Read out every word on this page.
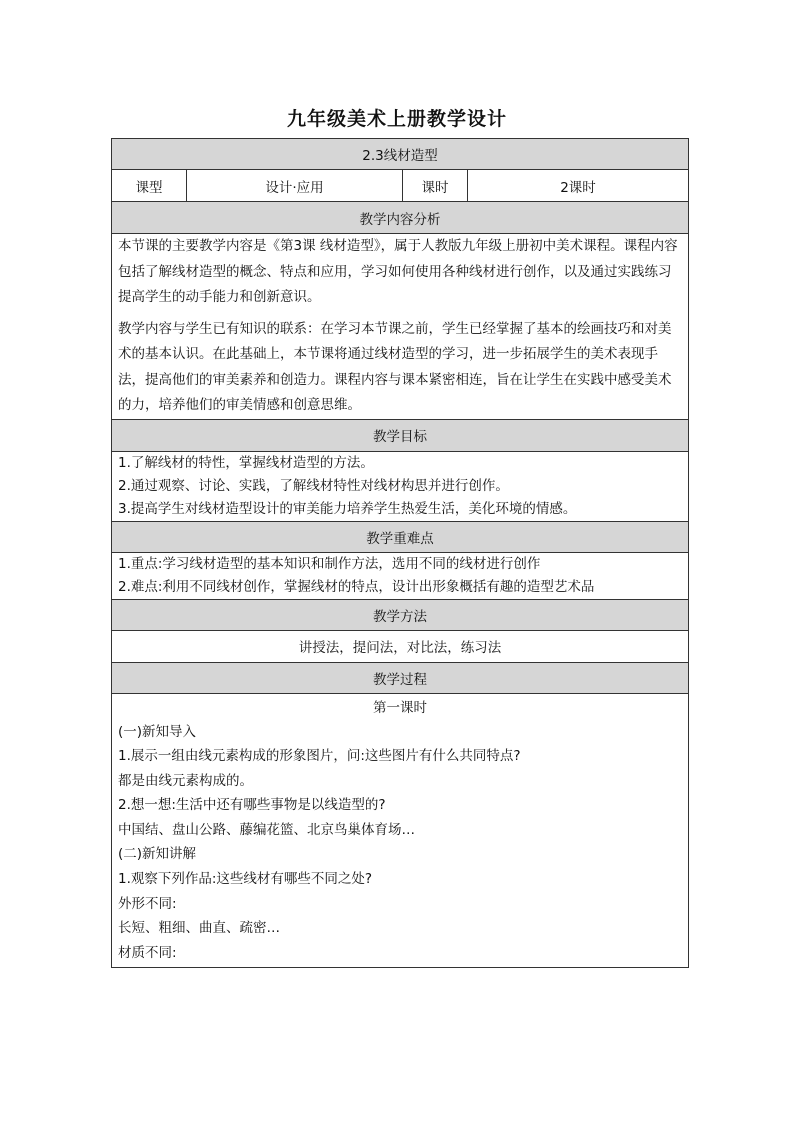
九年级美术上册教学设计
2.3线材造型
课型	设计·应用	课时	2课时
教学内容分析

本节课的主要教学内容是《第3课 线材造型》，属于人教版九年级上册初中美术课程。课程内容包括了解线材造型的概念、特点和应用，学习如何使用各种线材进行创作，以及通过实践练习提高学生的动手能力和创新意识。

教学内容与学生已有知识的联系：在学习本节课之前，学生已经掌握了基本的绘画技巧和对美术的基本认识。在此基础上，本节课将通过线材造型的学习，进一步拓展学生的美术表现手法，提高他们的审美素养和创造力。课程内容与课本紧密相连，旨在让学生在实践中感受美术的力，培养他们的审美情感和创意思维。

教学目标

1.了解线材的特性，掌握线材造型的方法。

2.通过观察、讨论、实践，了解线材特性对线材构思并进行创作。

3.提高学生对线材造型设计的审美能力培养学生热爱生活，美化环境的情感。

教学重难点

1.重点:学习线材造型的基本知识和制作方法，选用不同的线材进行创作

2.难点:利用不同线材创作，掌握线材的特点，设计出形象概括有趣的造型艺术品

教学方法
讲授法，提问法，对比法，练习法
教学过程

第一课时

(一)新知导入

1.展示一组由线元素构成的形象图片，问:这些图片有什么共同特点?

都是由线元素构成的。

2.想一想:生活中还有哪些事物是以线造型的?

中国结、盘山公路、藤编花篮、北京鸟巢体育场…

(二)新知讲解

1.观察下列作品:这些线材有哪些不同之处?

外形不同:

长短、粗细、曲直、疏密…

材质不同:
